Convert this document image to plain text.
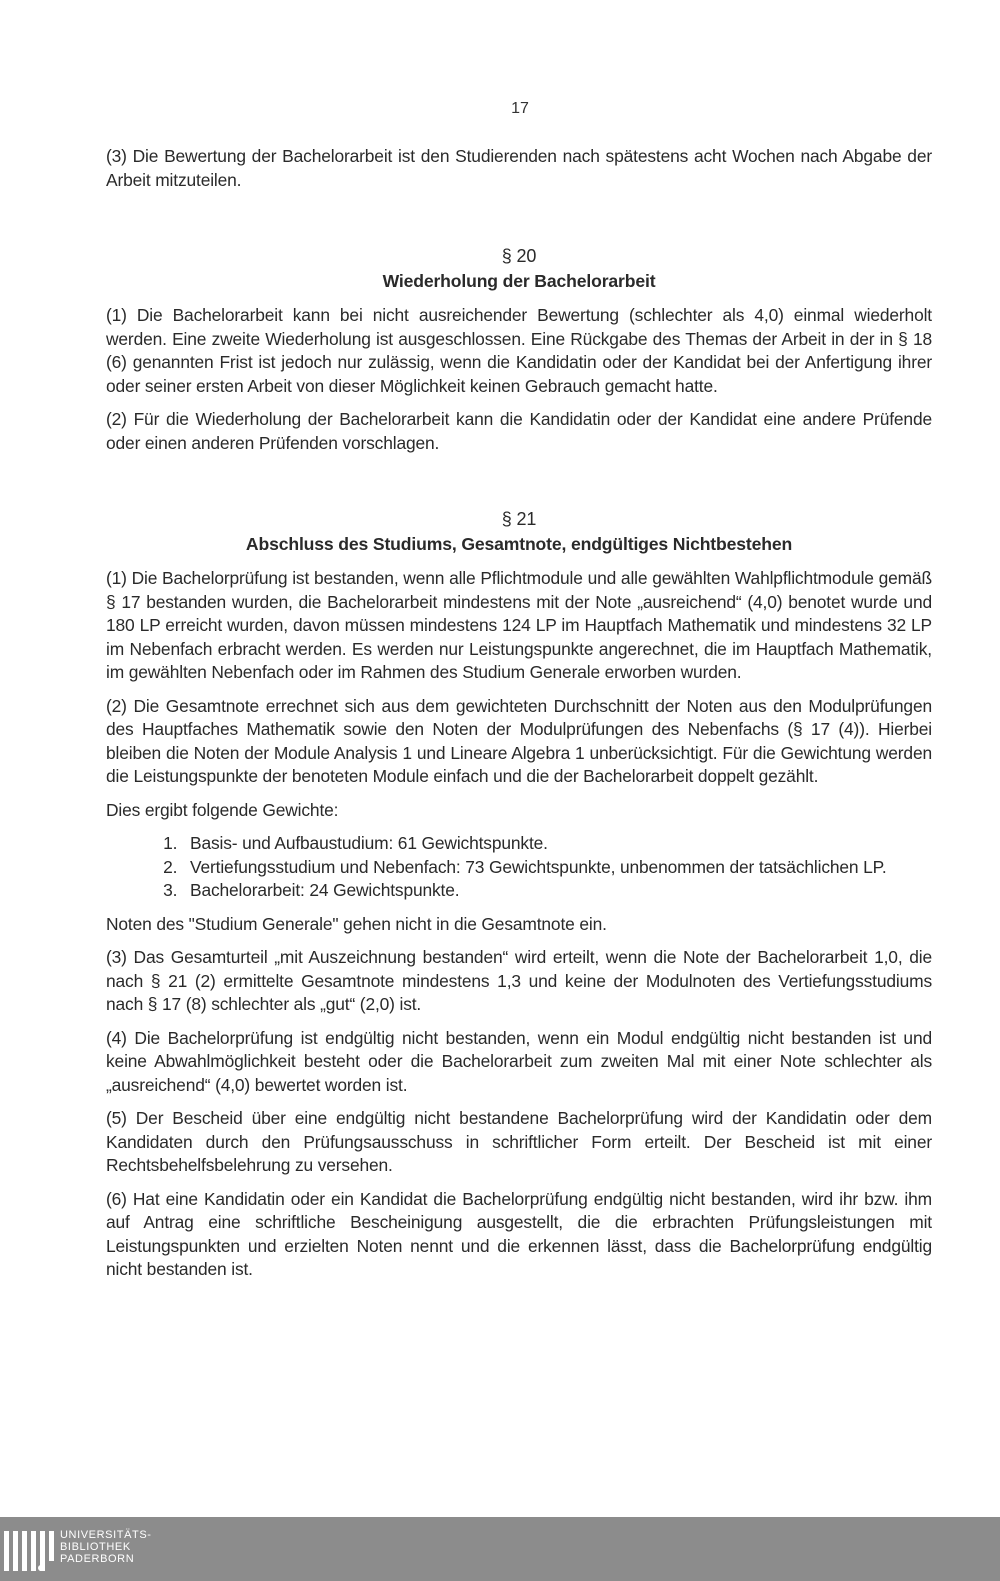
17

(3) Die Bewertung der Bachelorarbeit ist den Studierenden nach spätestens acht Wochen nach Abgabe der Arbeit mitzuteilen.

§ 20
Wiederholung der Bachelorarbeit

(1) Die Bachelorarbeit kann bei nicht ausreichender Bewertung (schlechter als 4,0) einmal wiederholt werden. Eine zweite Wiederholung ist ausgeschlossen. Eine Rückgabe des Themas der Arbeit in der in § 18 (6) genannten Frist ist jedoch nur zulässig, wenn die Kandidatin oder der Kandidat bei der Anfertigung ihrer oder seiner ersten Arbeit von dieser Möglichkeit keinen Gebrauch gemacht hatte.

(2) Für die Wiederholung der Bachelorarbeit kann die Kandidatin oder der Kandidat eine andere Prüfende oder einen anderen Prüfenden vorschlagen.

§ 21
Abschluss des Studiums, Gesamtnote, endgültiges Nichtbestehen

(1) Die Bachelorprüfung ist bestanden, wenn alle Pflichtmodule und alle gewählten Wahlpflichtmodule gemäß § 17 bestanden wurden, die Bachelorarbeit mindestens mit der Note „ausreichend“ (4,0) benotet wurde und 180 LP erreicht wurden, davon müssen mindestens 124 LP im Hauptfach Mathematik und mindestens 32 LP im Nebenfach erbracht werden. Es werden nur Leistungspunkte angerechnet, die im Hauptfach Mathematik, im gewählten Nebenfach oder im Rahmen des Studium Generale erworben wurden.

(2) Die Gesamtnote errechnet sich aus dem gewichteten Durchschnitt der Noten aus den Modulprüfungen des Hauptfaches Mathematik sowie den Noten der Modulprüfungen des Nebenfachs (§ 17 (4)). Hierbei bleiben die Noten der Module Analysis 1 und Lineare Algebra 1 unberücksichtigt. Für die Gewichtung werden die Leistungspunkte der benoteten Module einfach und die der Bachelorarbeit doppelt gezählt.

Dies ergibt folgende Gewichte:

1. Basis- und Aufbaustudium: 61 Gewichtspunkte.
2. Vertiefungsstudium und Nebenfach: 73 Gewichtspunkte, unbenommen der tatsächlichen LP.
3. Bachelorarbeit: 24 Gewichtspunkte.

Noten des "Studium Generale" gehen nicht in die Gesamtnote ein.

(3) Das Gesamturteil „mit Auszeichnung bestanden“ wird erteilt, wenn die Note der Bachelorarbeit 1,0, die nach § 21 (2) ermittelte Gesamtnote mindestens 1,3 und keine der Modulnoten des Vertiefungsstudiums nach § 17 (8) schlechter als „gut“ (2,0) ist.

(4) Die Bachelorprüfung ist endgültig nicht bestanden, wenn ein Modul endgültig nicht bestanden ist und keine Abwahlmöglichkeit besteht oder die Bachelorarbeit zum zweiten Mal mit einer Note schlechter als „ausreichend“ (4,0) bewertet worden ist.

(5) Der Bescheid über eine endgültig nicht bestandene Bachelorprüfung wird der Kandidatin oder dem Kandidaten durch den Prüfungsausschuss in schriftlicher Form erteilt. Der Bescheid ist mit einer Rechtsbehelfsbelehrung zu versehen.

(6) Hat eine Kandidatin oder ein Kandidat die Bachelorprüfung endgültig nicht bestanden, wird ihr bzw. ihm auf Antrag eine schriftliche Bescheinigung ausgestellt, die die erbrachten Prüfungsleistungen mit Leistungspunkten und erzielten Noten nennt und die erkennen lässt, dass die Bachelorprüfung endgültig nicht bestanden ist.

UNIVERSITÄTS-
BIBLIOTHEK
PADERBORN
